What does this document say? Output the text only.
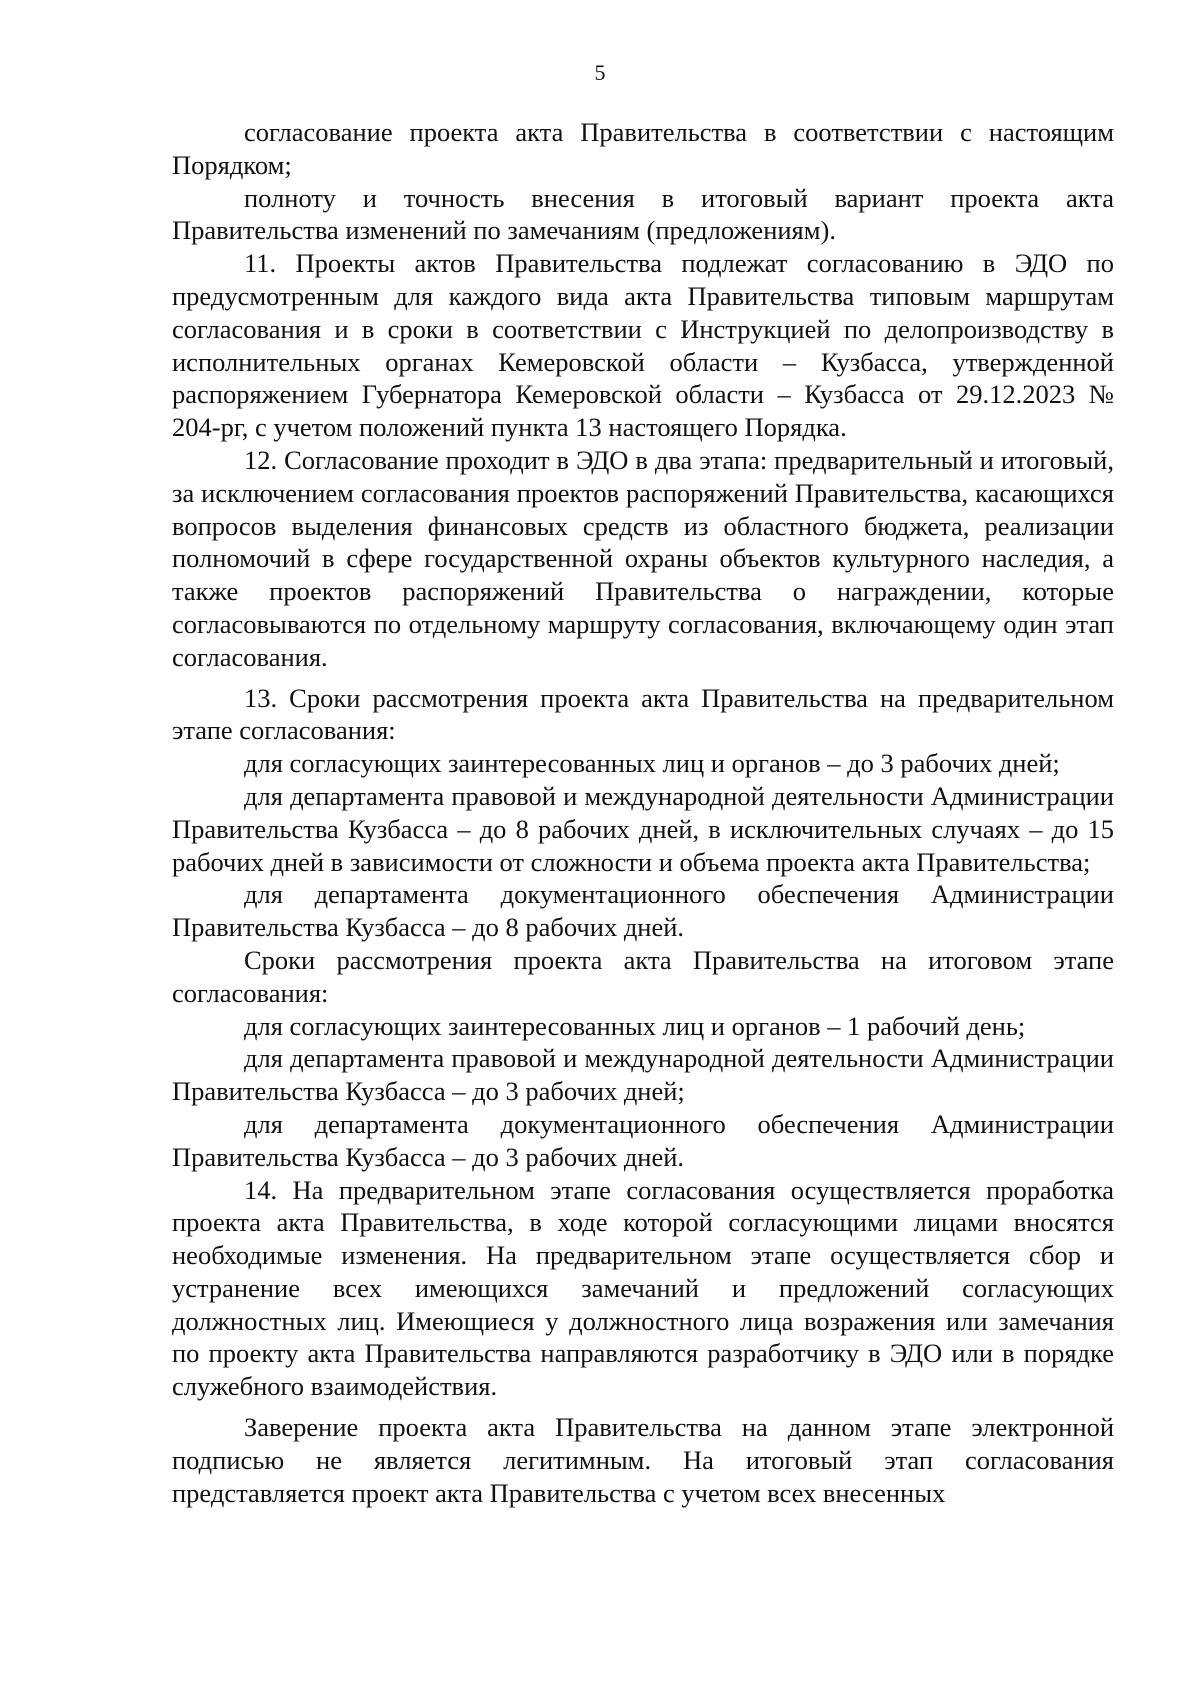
5

согласование проекта акта Правительства в соответствии с настоящим Порядком;

полноту и точность внесения в итоговый вариант проекта акта Правительства изменений по замечаниям (предложениям).

11. Проекты актов Правительства подлежат согласованию в ЭДО по предусмотренным для каждого вида акта Правительства типовым маршрутам согласования и в сроки в соответствии с Инструкцией по делопроизводству в исполнительных органах Кемеровской области – Кузбасса, утвержденной распоряжением Губернатора Кемеровской области – Кузбасса от 29.12.2023 № 204-рг, с учетом положений пункта 13 настоящего Порядка.

12. Согласование проходит в ЭДО в два этапа: предварительный и итоговый, за исключением согласования проектов распоряжений Правительства, касающихся вопросов выделения финансовых средств из областного бюджета, реализации полномочий в сфере государственной охраны объектов культурного наследия, а также проектов распоряжений Правительства о награждении, которые согласовываются по отдельному маршруту согласования, включающему один этап согласования.

13. Сроки рассмотрения проекта акта Правительства на предварительном этапе согласования:

для согласующих заинтересованных лиц и органов – до 3 рабочих дней;

для департамента правовой и международной деятельности Администрации Правительства Кузбасса – до 8 рабочих дней, в исключительных случаях – до 15 рабочих дней в зависимости от сложности и объема проекта акта Правительства;

для департамента документационного обеспечения Администрации Правительства Кузбасса – до 8 рабочих дней.

Сроки рассмотрения проекта акта Правительства на итоговом этапе согласования:

для согласующих заинтересованных лиц и органов – 1 рабочий день;

для департамента правовой и международной деятельности Администрации Правительства Кузбасса – до 3 рабочих дней;

для департамента документационного обеспечения Администрации Правительства Кузбасса – до 3 рабочих дней.

14. На предварительном этапе согласования осуществляется проработка проекта акта Правительства, в ходе которой согласующими лицами вносятся необходимые изменения. На предварительном этапе осуществляется сбор и устранение всех имеющихся замечаний и предложений согласующих должностных лиц. Имеющиеся у должностного лица возражения или замечания по проекту акта Правительства направляются разработчику в ЭДО или в порядке служебного взаимодействия.

Заверение проекта акта Правительства на данном этапе электронной подписью не является легитимным. На итоговый этап согласования представляется проект акта Правительства с учетом всех внесенных
